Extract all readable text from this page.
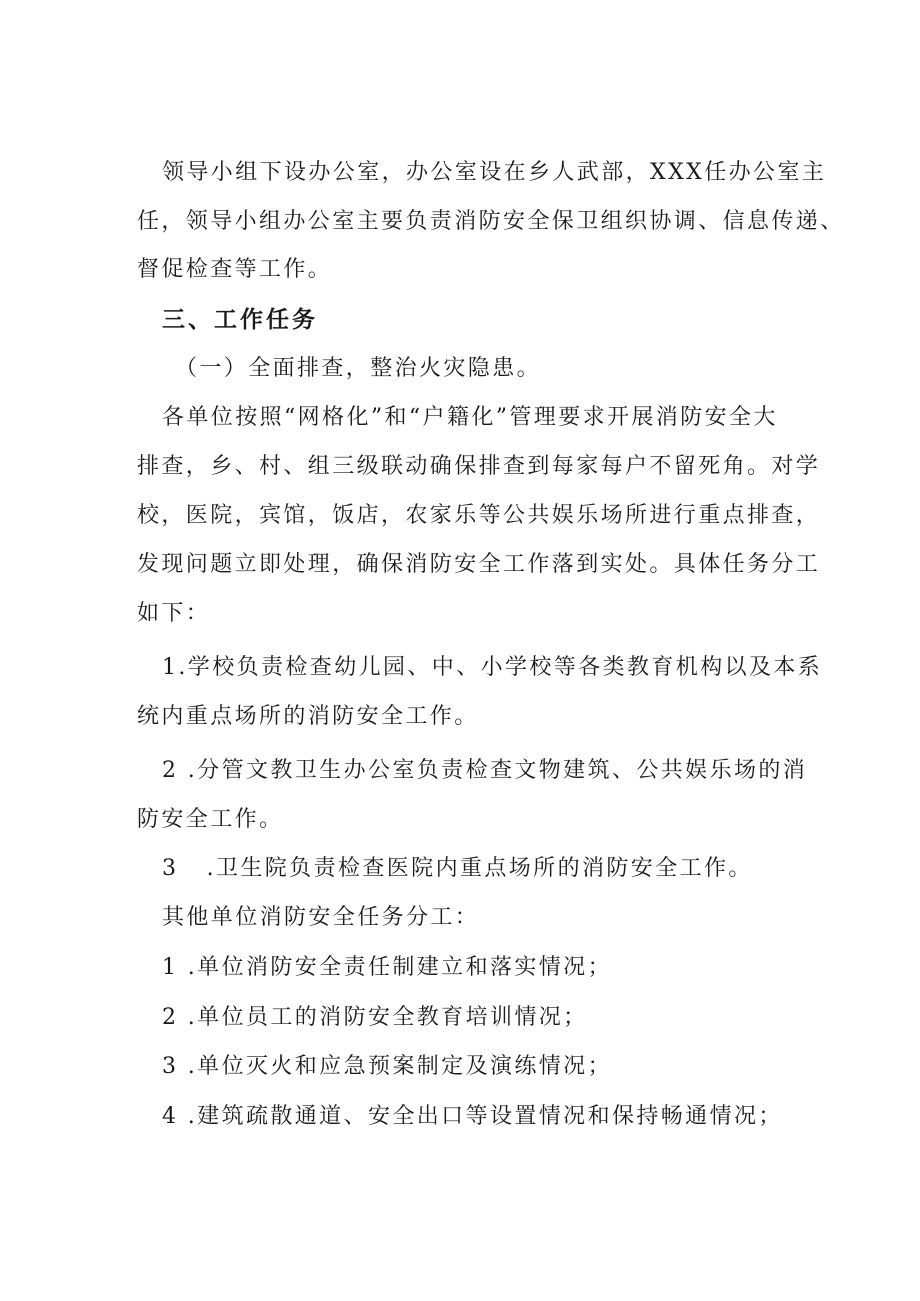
领导小组下设办公室，办公室设在乡人武部，XXX任办公室主
任，领导小组办公室主要负责消防安全保卫组织协调、信息传递、
督促检查等工作。
三、工作任务
（一）全面排查，整治火灾隐患。
各单位按照“网格化”和“户籍化”管理要求开展消防安全大
排查，乡、村、组三级联动确保排查到每家每户不留死角。对学
校，医院，宾馆，饭店，农家乐等公共娱乐场所进行重点排查，
发现问题立即处理，确保消防安全工作落到实处。具体任务分工
如下：
1.学校负责检查幼儿园、中、小学校等各类教育机构以及本系
统内重点场所的消防安全工作。
2 .分管文教卫生办公室负责检查文物建筑、公共娱乐场的消
防安全工作。
3   .卫生院负责检查医院内重点场所的消防安全工作。
其他单位消防安全任务分工：
1 .单位消防安全责任制建立和落实情况；
2 .单位员工的消防安全教育培训情况；
3 .单位灭火和应急预案制定及演练情况；
4 .建筑疏散通道、安全出口等设置情况和保持畅通情况；
